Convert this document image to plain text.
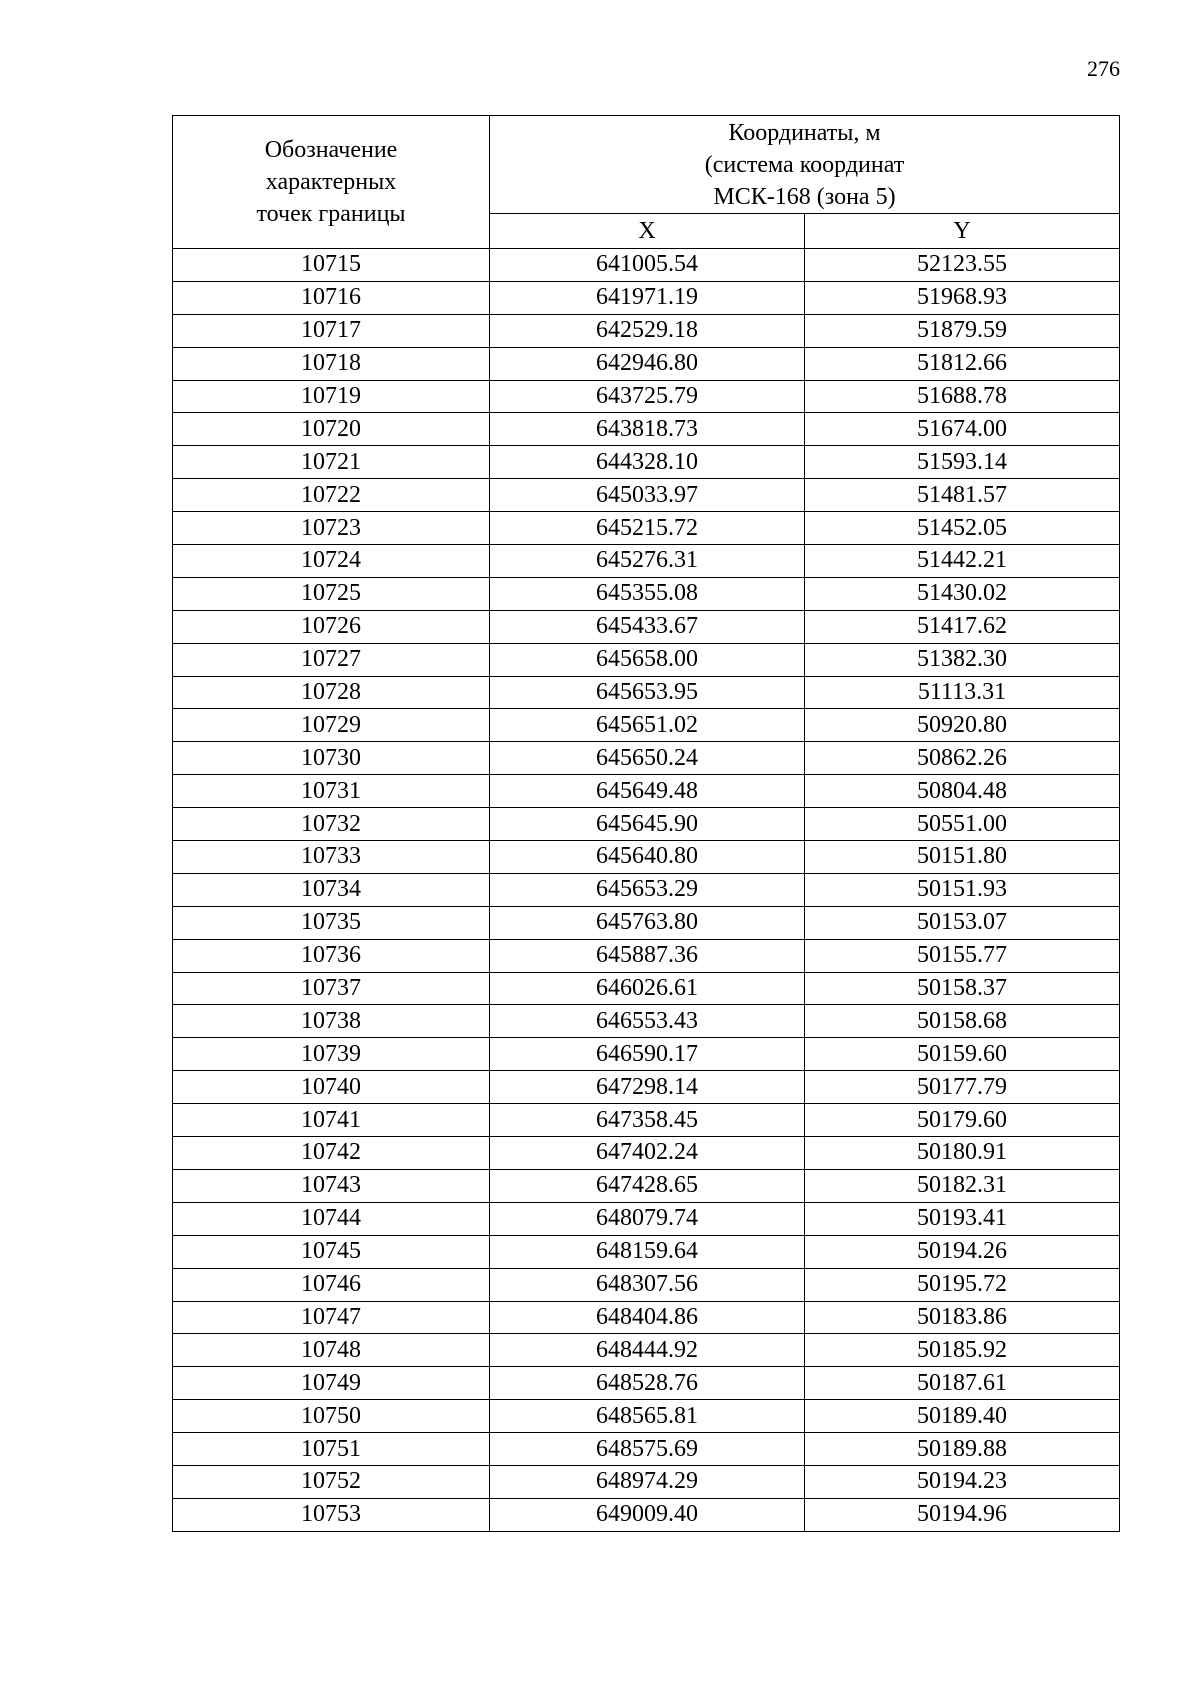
276
Обозначение
характерных
точек границы	Координаты, м
(система координат
МСК-168 (зона 5)	

	X	Y
10715	641005.54	52123.55
10716	641971.19	51968.93
10717	642529.18	51879.59
10718	642946.80	51812.66
10719	643725.79	51688.78
10720	643818.73	51674.00
10721	644328.10	51593.14
10722	645033.97	51481.57
10723	645215.72	51452.05
10724	645276.31	51442.21
10725	645355.08	51430.02
10726	645433.67	51417.62
10727	645658.00	51382.30
10728	645653.95	51113.31
10729	645651.02	50920.80
10730	645650.24	50862.26
10731	645649.48	50804.48
10732	645645.90	50551.00
10733	645640.80	50151.80
10734	645653.29	50151.93
10735	645763.80	50153.07
10736	645887.36	50155.77
10737	646026.61	50158.37
10738	646553.43	50158.68
10739	646590.17	50159.60
10740	647298.14	50177.79
10741	647358.45	50179.60
10742	647402.24	50180.91
10743	647428.65	50182.31
10744	648079.74	50193.41
10745	648159.64	50194.26
10746	648307.56	50195.72
10747	648404.86	50183.86
10748	648444.92	50185.92
10749	648528.76	50187.61
10750	648565.81	50189.40
10751	648575.69	50189.88
10752	648974.29	50194.23
10753	649009.40	50194.96
